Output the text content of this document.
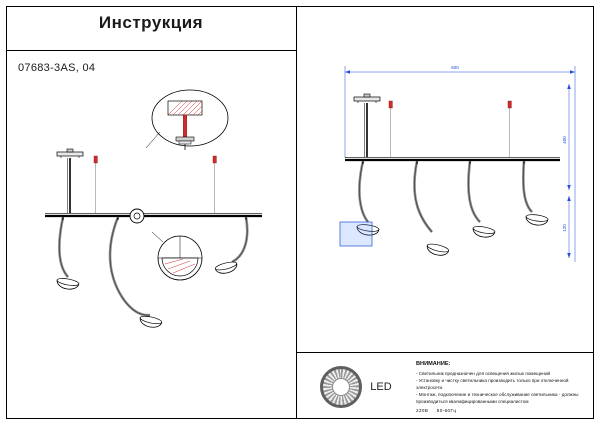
Инструкция
07683-3AS, 04	600
400
120
LED
ВНИМАНИЕ:

- Светильник предназначен для освещения жилых помещений

- Установку и чистку светильника производить только при отключенной электросети.

- Монтаж, подключение и техническое обслуживание светильника - должны производиться квалифицированными специалистом

220В 50-60Гц
